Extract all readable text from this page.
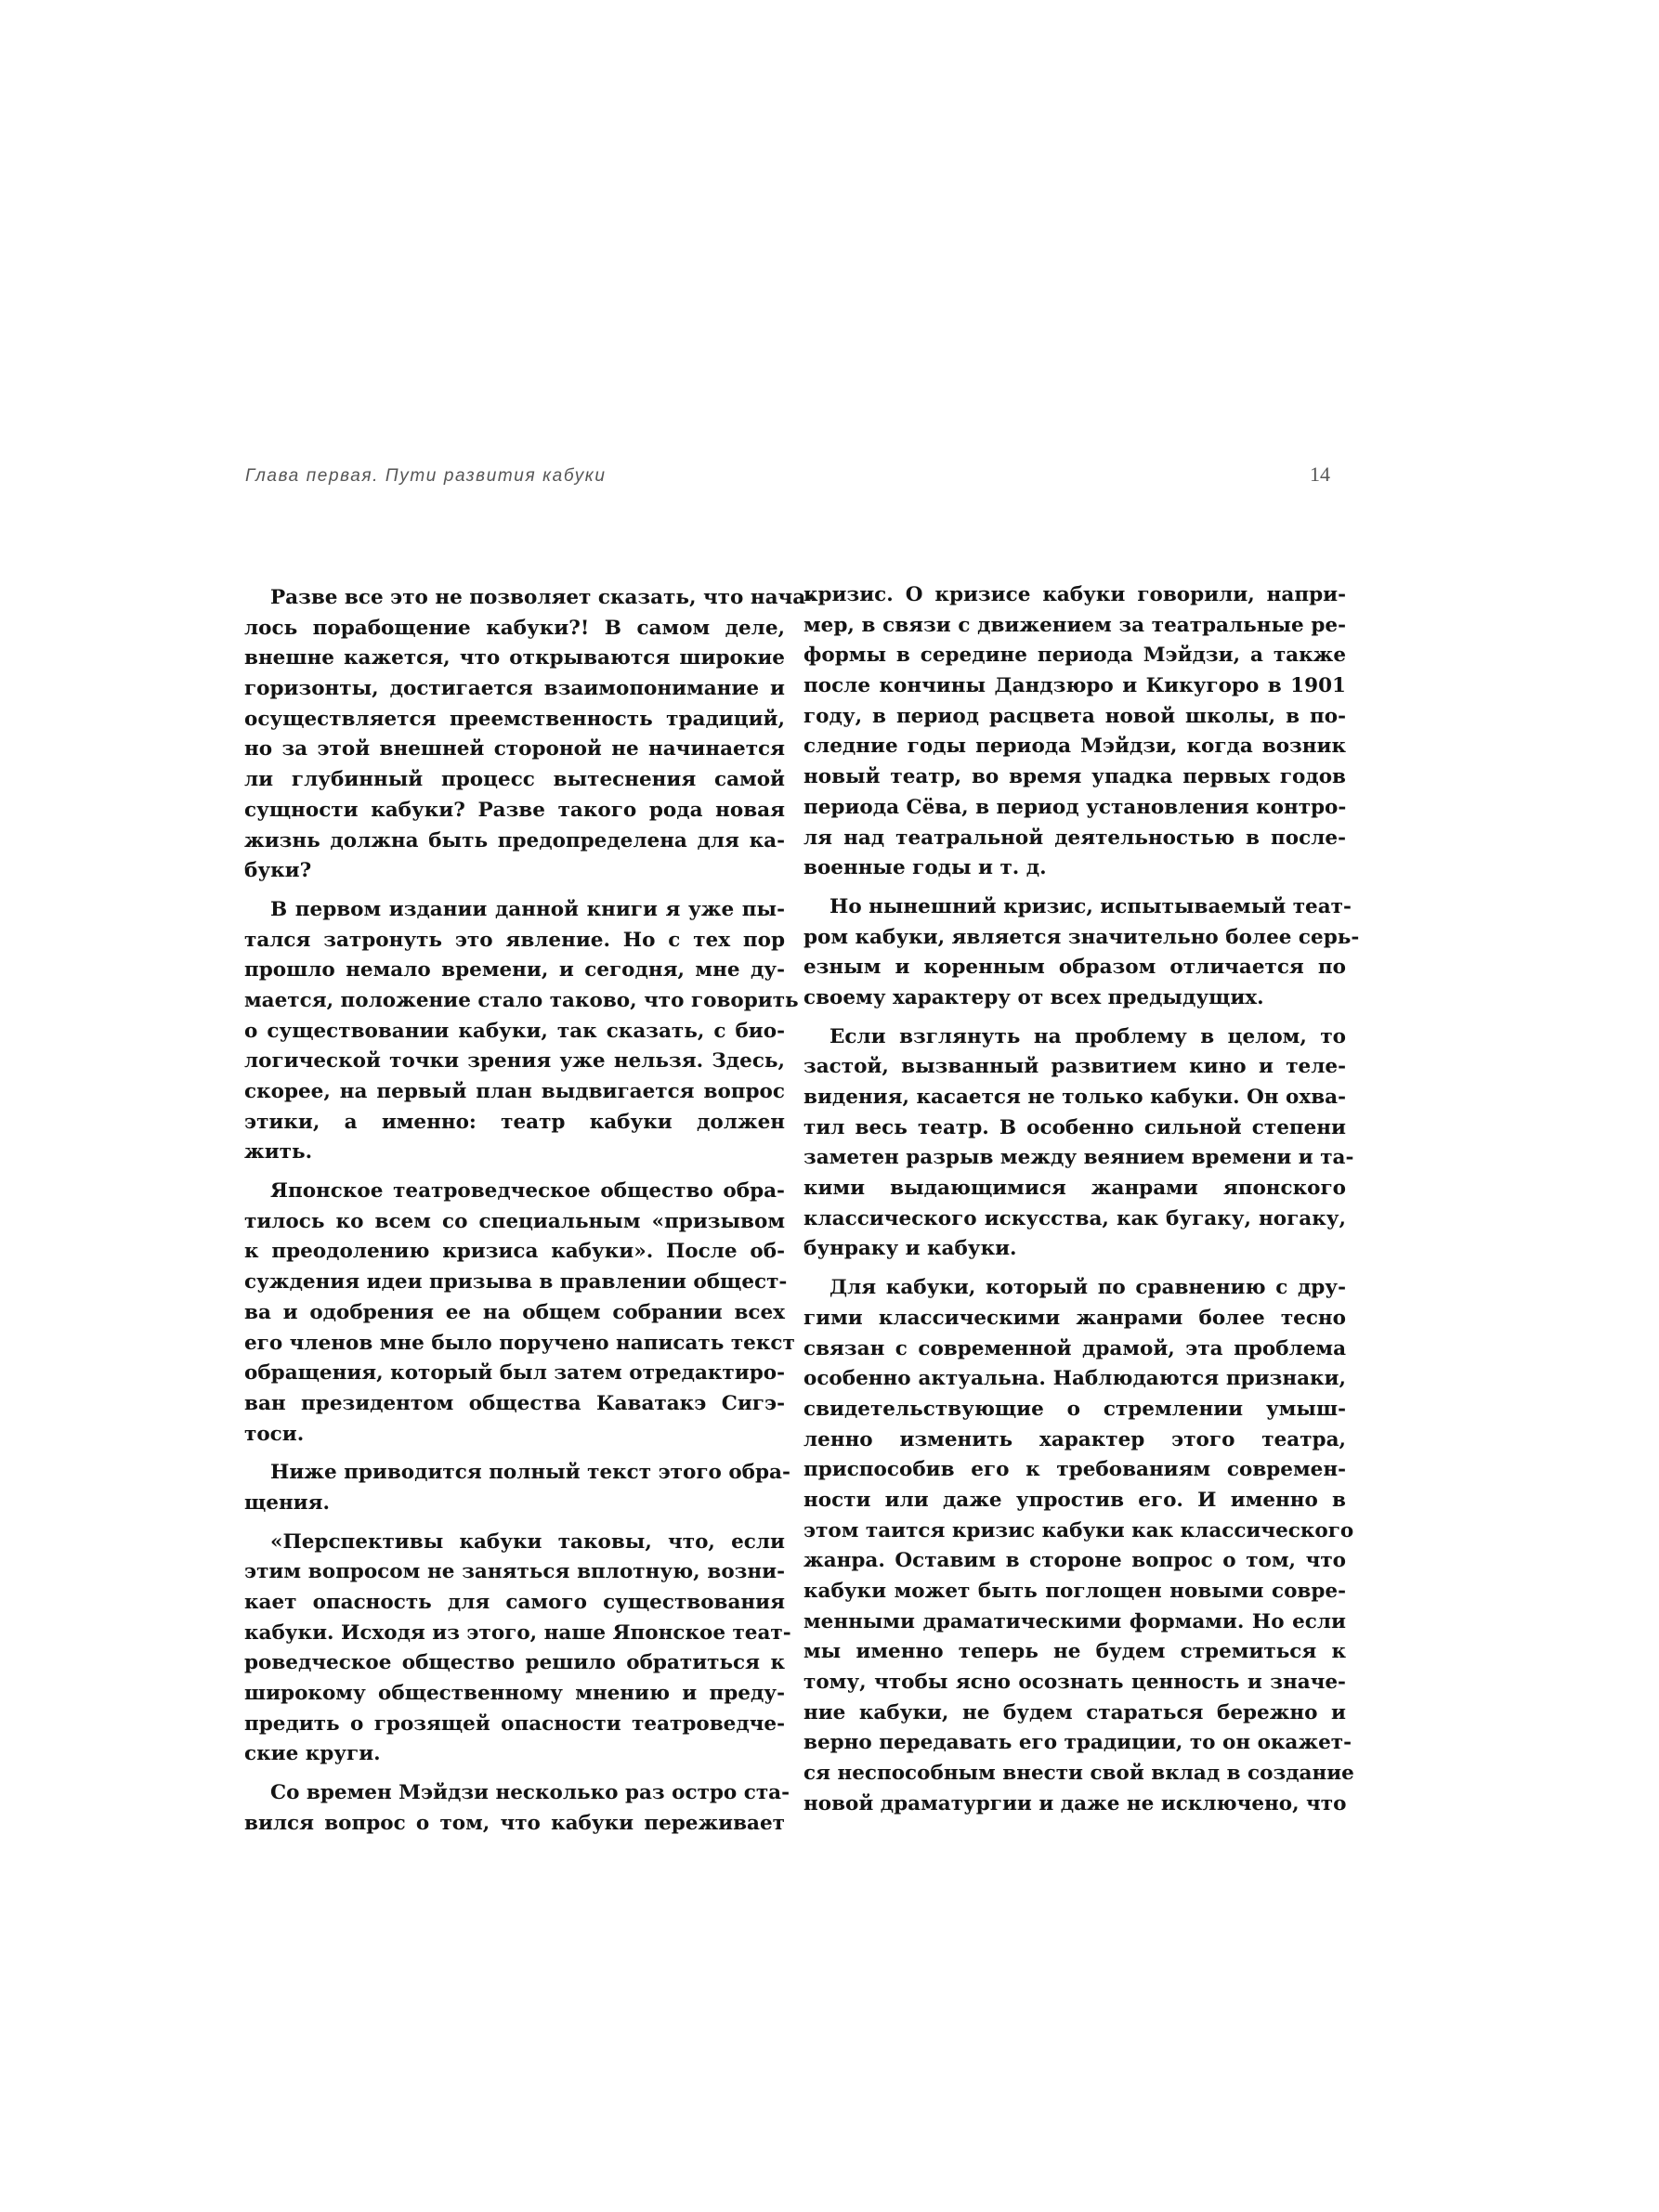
Глава первая. Пути развития кабуки	14
Разве все это не позволяет сказать, что нача-
лось порабощение кабуки?! В самом деле,
внешне кажется, что открываются широкие
горизонты, достигается взаимопонимание и
осуществляется преемственность традиций,
но за этой внешней стороной не начинается
ли глубинный процесс вытеснения самой
сущности кабуки? Разве такого рода новая
жизнь должна быть предопределена для ка-
буки?
В первом издании данной книги я уже пы-
тался затронуть это явление. Но с тех пор
прошло немало времени, и сегодня, мне ду-
мается, положение стало таково, что говорить
о существовании кабуки, так сказать, с био-
логической точки зрения уже нельзя. Здесь,
скорее, на первый план выдвигается вопрос
этики, а именно: театр кабуки должен
жить.
Японское театроведческое общество обра-
тилось ко всем со специальным «призывом
к преодолению кризиса кабуки». После об-
суждения идеи призыва в правлении общест-
ва и одобрения ее на общем собрании всех
его членов мне было поручено написать текст
обращения, который был затем отредактиро-
ван президентом общества Каватакэ Сигэ-
тоси.
Ниже приводится полный текст этого обра-
щения.
«Перспективы кабуки таковы, что, если
этим вопросом не заняться вплотную, возни-
кает опасность для самого существования
кабуки. Исходя из этого, наше Японское теат-
роведческое общество решило обратиться к
широкому общественному мнению и преду-
предить о грозящей опасности театроведче-
ские круги.
Со времен Мэйдзи несколько раз остро ста-
вился вопрос о том, что кабуки переживает
кризис. О кризисе кабуки говорили, напри-
мер, в связи с движением за театральные ре-
формы в середине периода Мэйдзи, а также
после кончины Дандзюро и Кикугоро в 1901
году, в период расцвета новой школы, в по-
следние годы периода Мэйдзи, когда возник
новый театр, во время упадка первых годов
периода Сёва, в период установления контро-
ля над театральной деятельностью в после-
военные годы и т. д.
Но нынешний кризис, испытываемый теат-
ром кабуки, является значительно более серь-
езным и коренным образом отличается по
своему характеру от всех предыдущих.
Если взглянуть на проблему в целом, то
застой, вызванный развитием кино и теле-
видения, касается не только кабуки. Он охва-
тил весь театр. В особенно сильной степени
заметен разрыв между веянием времени и та-
кими выдающимися жанрами японского
классического искусства, как бугаку, ногаку,
бунраку и кабуки.
Для кабуки, который по сравнению с дру-
гими классическими жанрами более тесно
связан с современной драмой, эта проблема
особенно актуальна. Наблюдаются признаки,
свидетельствующие о стремлении умыш-
ленно изменить характер этого театра,
приспособив его к требованиям современ-
ности или даже упростив его. И именно в
этом таится кризис кабуки как классического
жанра. Оставим в стороне вопрос о том, что
кабуки может быть поглощен новыми совре-
менными драматическими формами. Но если
мы именно теперь не будем стремиться к
тому, чтобы ясно осознать ценность и значе-
ние кабуки, не будем стараться бережно и
верно передавать его традиции, то он окажет-
ся неспособным внести свой вклад в создание
новой драматургии и даже не исключено, что
